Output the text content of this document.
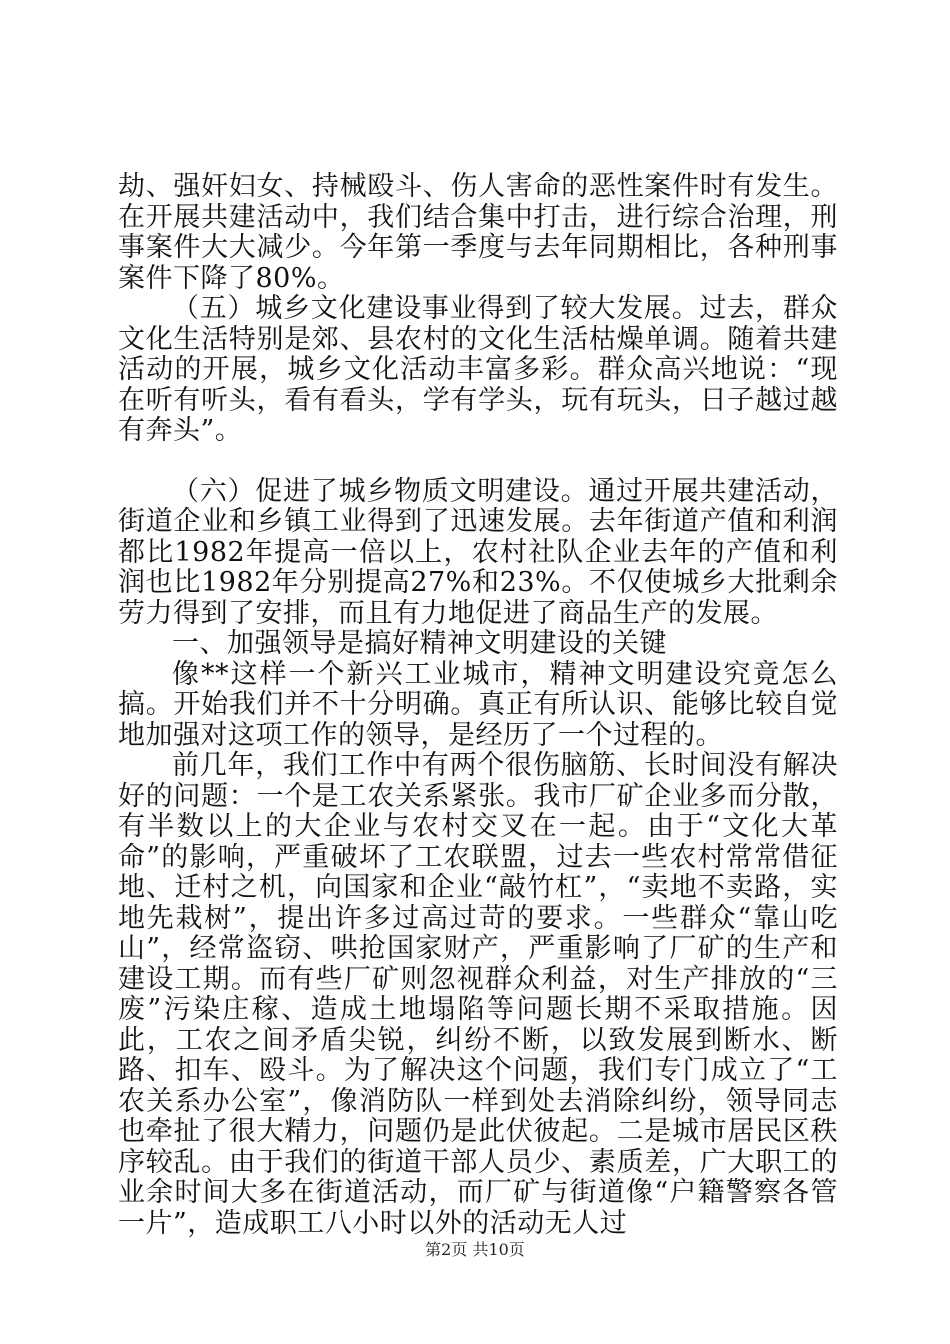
劫、强奸妇女、持械殴斗、伤人害命的恶性案件时有发生。在开展共建活动中，我们结合集中打击，进行综合治理，刑事案件大大减少。今年第一季度与去年同期相比，各种刑事案件下降了80%。

（五）城乡文化建设事业得到了较大发展。过去，群众文化生活特别是郊、县农村的文化生活枯燥单调。随着共建活动的开展，城乡文化活动丰富多彩。群众高兴地说：“现在听有听头，看有看头，学有学头，玩有玩头，日子越过越有奔头”。

（六）促进了城乡物质文明建设。通过开展共建活动，街道企业和乡镇工业得到了迅速发展。去年街道产值和利润都比1982年提高一倍以上，农村社队企业去年的产值和利润也比1982年分别提高27%和23%。不仅使城乡大批剩余劳力得到了安排，而且有力地促进了商品生产的发展。

一、加强领导是搞好精神文明建设的关键

像**这样一个新兴工业城市，精神文明建设究竟怎么搞。开始我们并不十分明确。真正有所认识、能够比较自觉地加强对这项工作的领导，是经历了一个过程的。

前几年，我们工作中有两个很伤脑筋、长时间没有解决好的问题：一个是工农关系紧张。我市厂矿企业多而分散，有半数以上的大企业与农村交叉在一起。由于“文化大革命”的影响，严重破坏了工农联盟，过去一些农村常常借征地、迁村之机，向国家和企业“敲竹杠”，“卖地不卖路，实地先栽树”，提出许多过高过苛的要求。一些群众“靠山吃山”，经常盗窃、哄抢国家财产，严重影响了厂矿的生产和建设工期。而有些厂矿则忽视群众利益，对生产排放的“三废”污染庄稼、造成土地塌陷等问题长期不采取措施。因此，工农之间矛盾尖锐，纠纷不断，以致发展到断水、断路、扣车、殴斗。为了解决这个问题，我们专门成立了“工农关系办公室”，像消防队一样到处去消除纠纷，领导同志也牵扯了很大精力，问题仍是此伏彼起。二是城市居民区秩序较乱。由于我们的街道干部人员少、素质差，广大职工的业余时间大多在街道活动，而厂矿与街道像“户籍警察各管一片”，造成职工八小时以外的活动无人过

第2页 共10页
